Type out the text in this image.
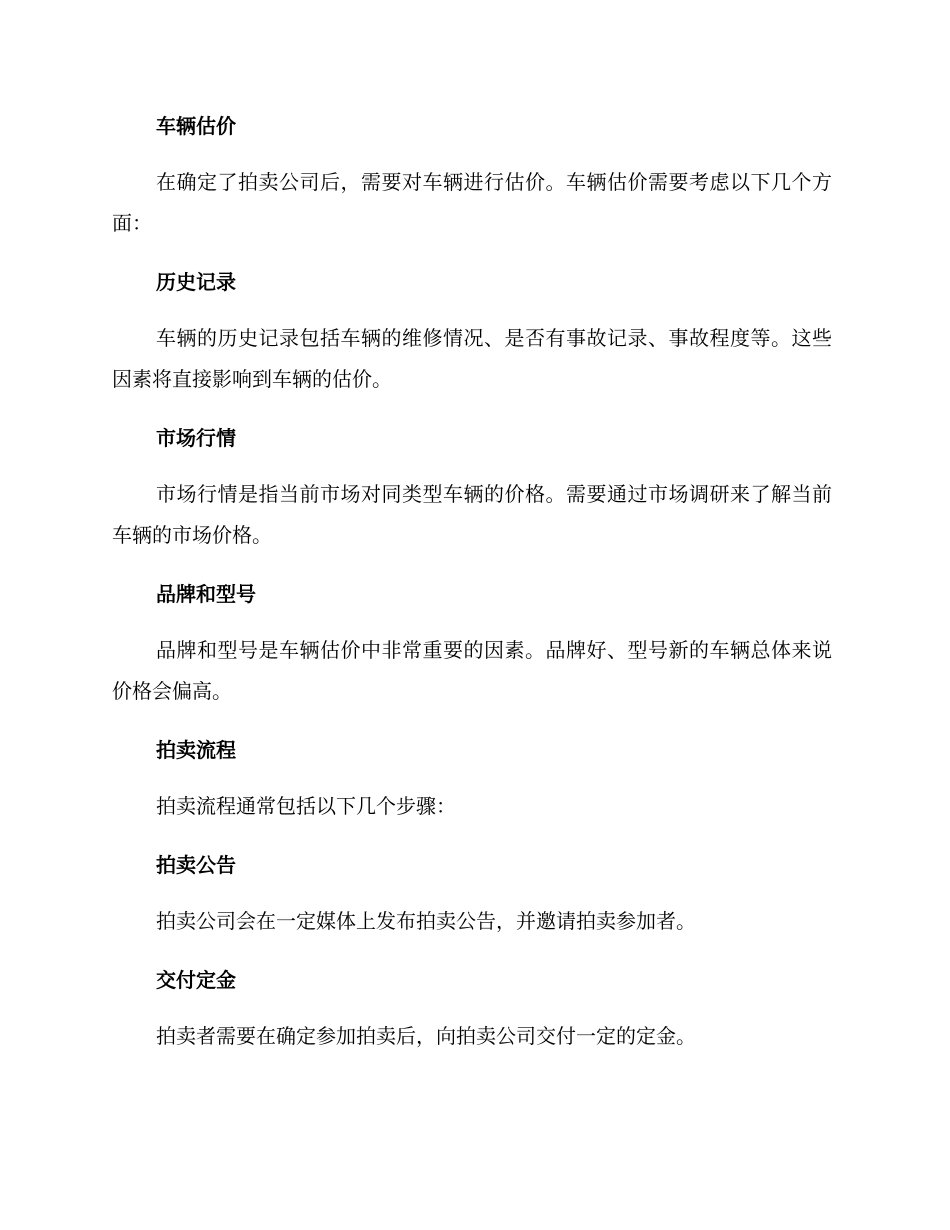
车辆估价

在确定了拍卖公司后，需要对车辆进行估价。车辆估价需要考虑以下几个方面：

历史记录

车辆的历史记录包括车辆的维修情况、是否有事故记录、事故程度等。这些因素将直接影响到车辆的估价。

市场行情

市场行情是指当前市场对同类型车辆的价格。需要通过市场调研来了解当前车辆的市场价格。

品牌和型号

品牌和型号是车辆估价中非常重要的因素。品牌好、型号新的车辆总体来说价格会偏高。

拍卖流程

拍卖流程通常包括以下几个步骤：

拍卖公告

拍卖公司会在一定媒体上发布拍卖公告，并邀请拍卖参加者。

交付定金

拍卖者需要在确定参加拍卖后，向拍卖公司交付一定的定金。
